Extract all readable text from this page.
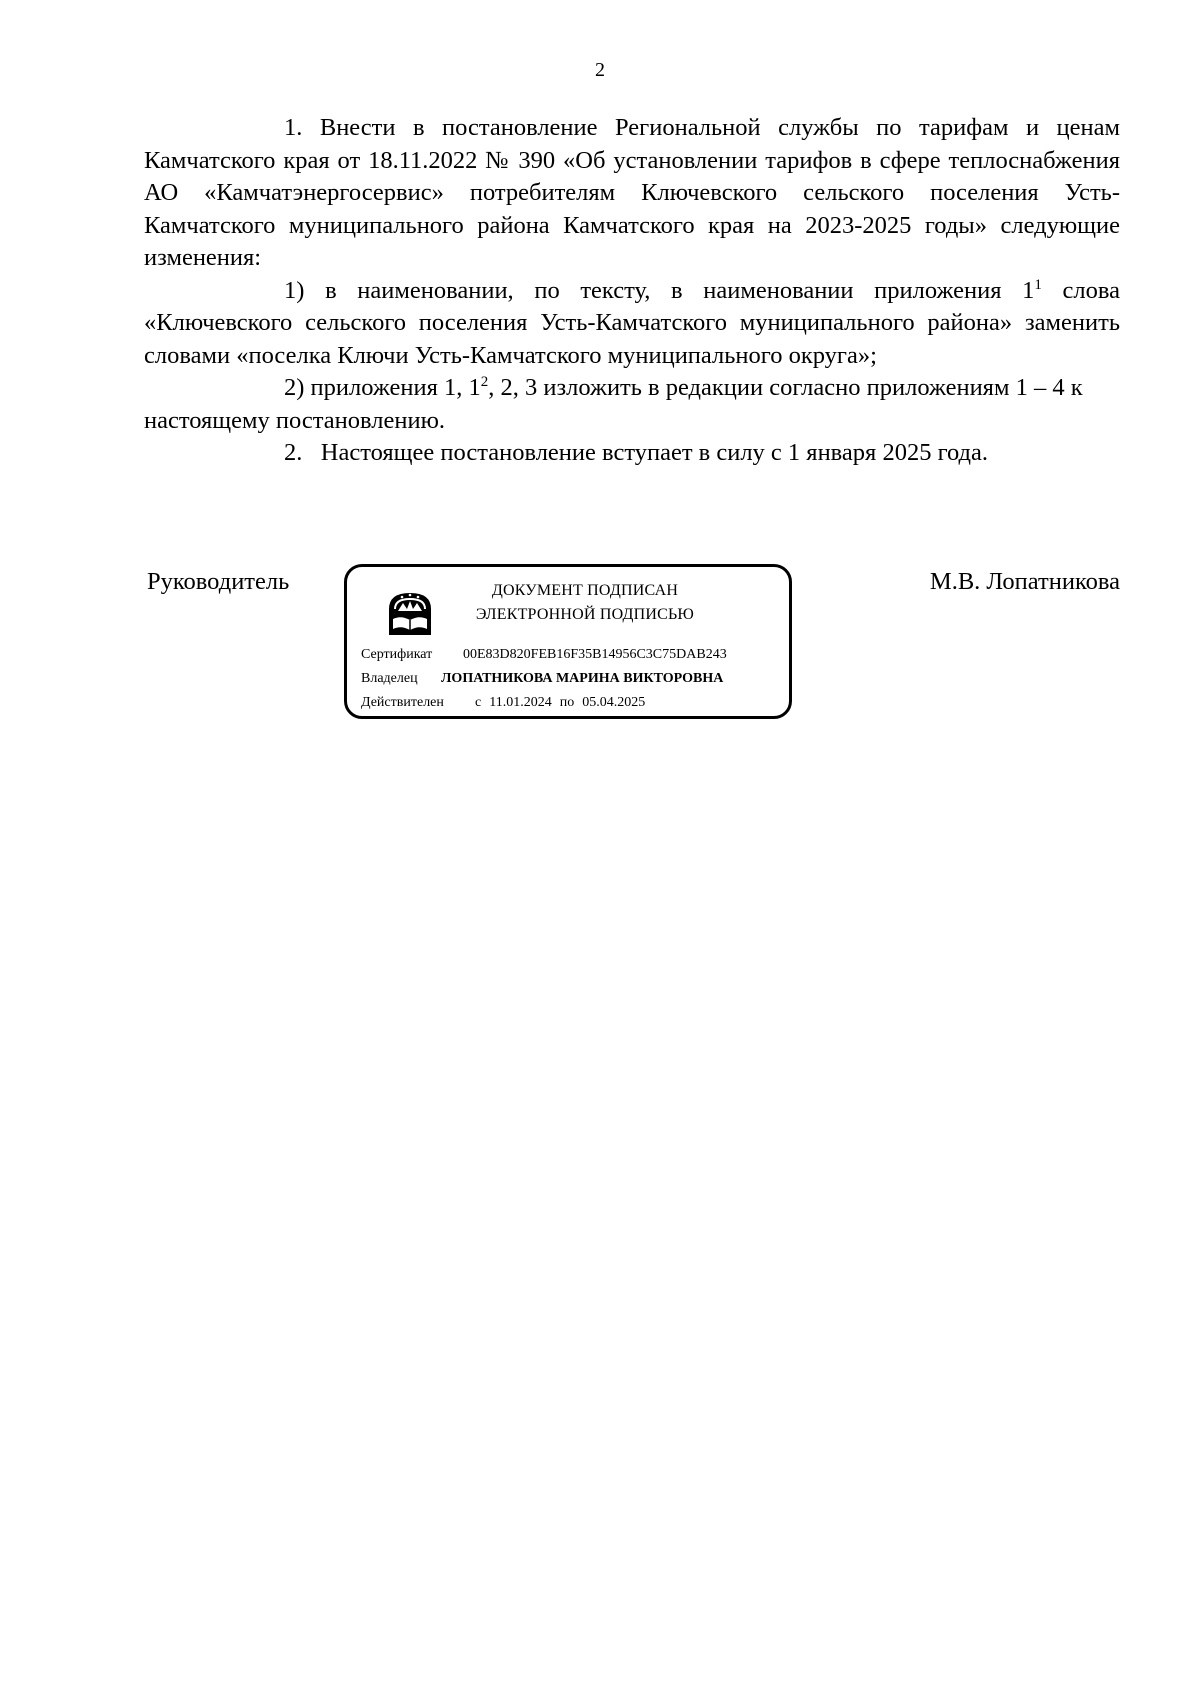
2

1. Внести в постановление Региональной службы по тарифам и ценам Камчатского края от 18.11.2022 № 390 «Об установлении тарифов в сфере теплоснабжения АО «Камчатэнергосервис» потребителям Ключевского сельского поселения Усть-Камчатского муниципального района Камчатского края на 2023-2025 годы» следующие изменения:

1) в наименовании, по тексту, в наименовании приложения $1^1$ слова «Ключевского сельского поселения Усть-Камчатского муниципального района» заменить словами «поселка Ключи Усть-Камчатского муниципального округа»;

2) приложения 1, $1^2$, 2, 3 изложить в редакции согласно приложениям 1 – 4 к настоящему постановлению.

2. Настоящее постановление вступает в силу с 1 января 2025 года.

Руководитель	ДОКУМЕНТ ПОДПИСАН
ЭЛЕКТРОННОЙ ПОДПИСЬЮ
Сертификат 00E83D820FEB16F35B14956C3C75DAB243
Владелец ЛОПАТНИКОВА МАРИНА ВИКТОРОВНА
Действителен с 11.01.2024 по 05.04.2025
М.В. Лопатникова
